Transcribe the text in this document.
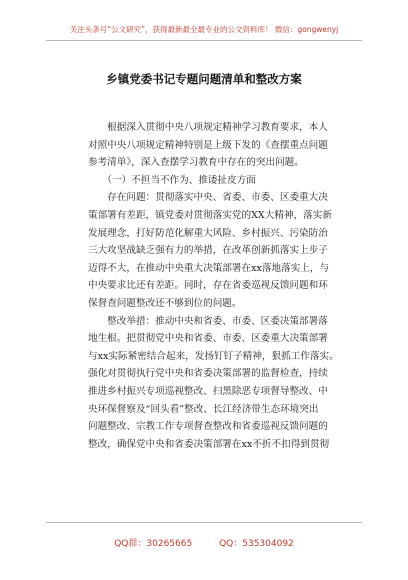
关注头条号“公文研究”，获得最新最全最专业的公文资料库！ 微信：gongwenyj
乡镇党委书记专题问题清单和整改方案
　　根据深入贯彻中央八项规定精神学习教育要求，本人
对照中央八项规定精神特别是上级下发的《查摆重点问题
参考清单》，深入查摆学习教育中存在的突出问题。
　　（一）不担当不作为、推诿扯皮方面
　　存在问题：贯彻落实中央、省委、市委、区委重大决
策部署有差距，镇党委对贯彻落实党的XX大精神，落实新
发展理念，打好防范化解重大风险、乡村振兴、污染防治
三大攻坚战缺乏强有力的举措，在改革创新抓落实上步子
迈得不大，在推动中央重大决策部署在xx落地落实上，与
中央要求比还有差距。同时，存在省委巡视反馈问题和环
保督查问题整改还不够到位的问题。
　　整改举措：推动中央和省委、市委、区委决策部署落
地生根。把贯彻党中央和省委、市委、区委重大决策部署
与xx实际紧密结合起来，发扬钉钉子精神，狠抓工作落实。
强化对贯彻执行党中央和省委决策部署的监督检查，持续
推进乡村振兴专项巡视整改、扫黑除恶专项督导整改、中
央环保督察及“回头看”整改、长江经济带生态环境突出
问题整改、宗教工作专项督查整改和省委巡视反馈问题的
整改，确保党中央和省委决策部署在xx不折不扣得到贯彻
QQ群：30265665	QQ：535304092
